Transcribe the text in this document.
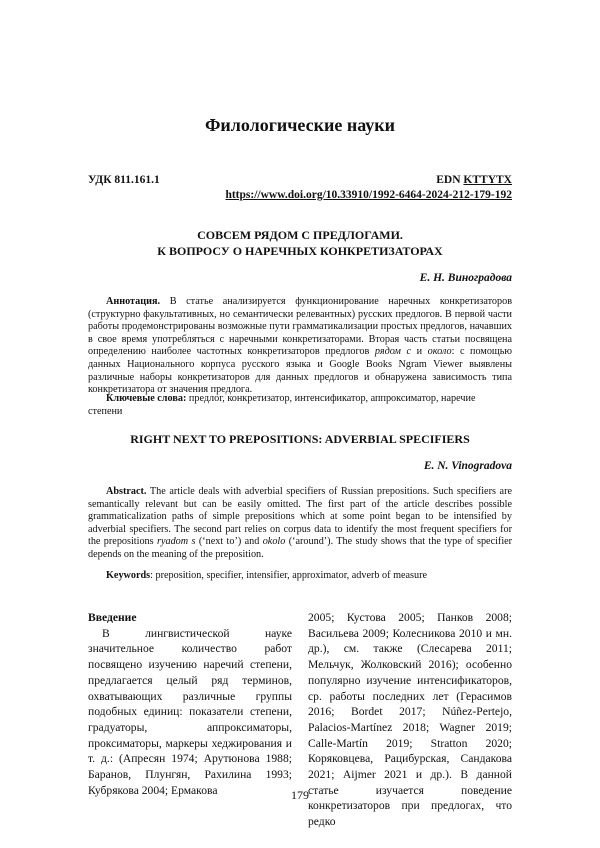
Филологические науки
УДК 811.161.1	EDN KTTYTX
https://www.doi.org/10.33910/1992-6464-2024-212-179-192
СОВСЕМ РЯДОМ С ПРЕДЛОГАМИ.
К ВОПРОСУ О НАРЕЧНЫХ КОНКРЕТИЗАТОРАХ
Е. Н. Виноградова
Аннотация. В статье анализируется функционирование наречных конкретизаторов (структурно факультативных, но семантически релевантных) русских предлогов. В первой части работы продемонстрированы возможные пути грамматикализации простых предлогов, начавших в свое время употребляться с наречными конкретизаторами. Вторая часть статьи посвящена определению наиболее частотных конкретизаторов предлогов рядом с и около: с помощью данных Национального корпуса русского языка и Google Books Ngram Viewer выявлены различные наборы конкретизаторов для данных предлогов и обнаружена зависимость типа конкретизатора от значения предлога.
Ключевые слова: предлог, конкретизатор, интенсификатор, аппроксиматор, наречие степени
RIGHT NEXT TO PREPOSITIONS: ADVERBIAL SPECIFIERS
E. N. Vinogradova
Abstract. The article deals with adverbial specifiers of Russian prepositions. Such specifiers are semantically relevant but can be easily omitted. The first part of the article describes possible grammaticalization paths of simple prepositions which at some point began to be intensified by adverbial specifiers. The second part relies on corpus data to identify the most frequent specifiers for the prepositions ryadom s (‘next to’) and okolo (‘around’). The study shows that the type of specifier depends on the meaning of the preposition.
Keywords: preposition, specifier, intensifier, approximator, adverb of measure
Введение
В лингвистической науке значительное количество работ посвящено изучению наречий степени, предлагается целый ряд терминов, охватывающих различные группы подобных единиц: показатели степени, градуаторы, аппроксиматоры, проксиматоры, маркеры хеджирования и т. д.: (Апресян 1974; Арутюнова 1988; Баранов, Плунгян, Рахилина 1993; Кубрякова 2004; Ермакова
2005; Кустова 2005; Панков 2008; Васильева 2009; Колесникова 2010 и мн. др.), см. также (Слесарева 2011; Мельчук, Жолковский 2016); особенно популярно изучение интенсификаторов, ср. работы последних лет (Герасимов 2016; Bordet 2017; Núñez-Pertejo, Palacios-Martínez 2018; Wagner 2019; Calle-Martín 2019; Stratton 2020; Коряковцева, Рацибурская, Сандакова 2021; Aijmer 2021 и др.). В данной статье изучается поведение конкретизаторов при предлогах, что редко
179
